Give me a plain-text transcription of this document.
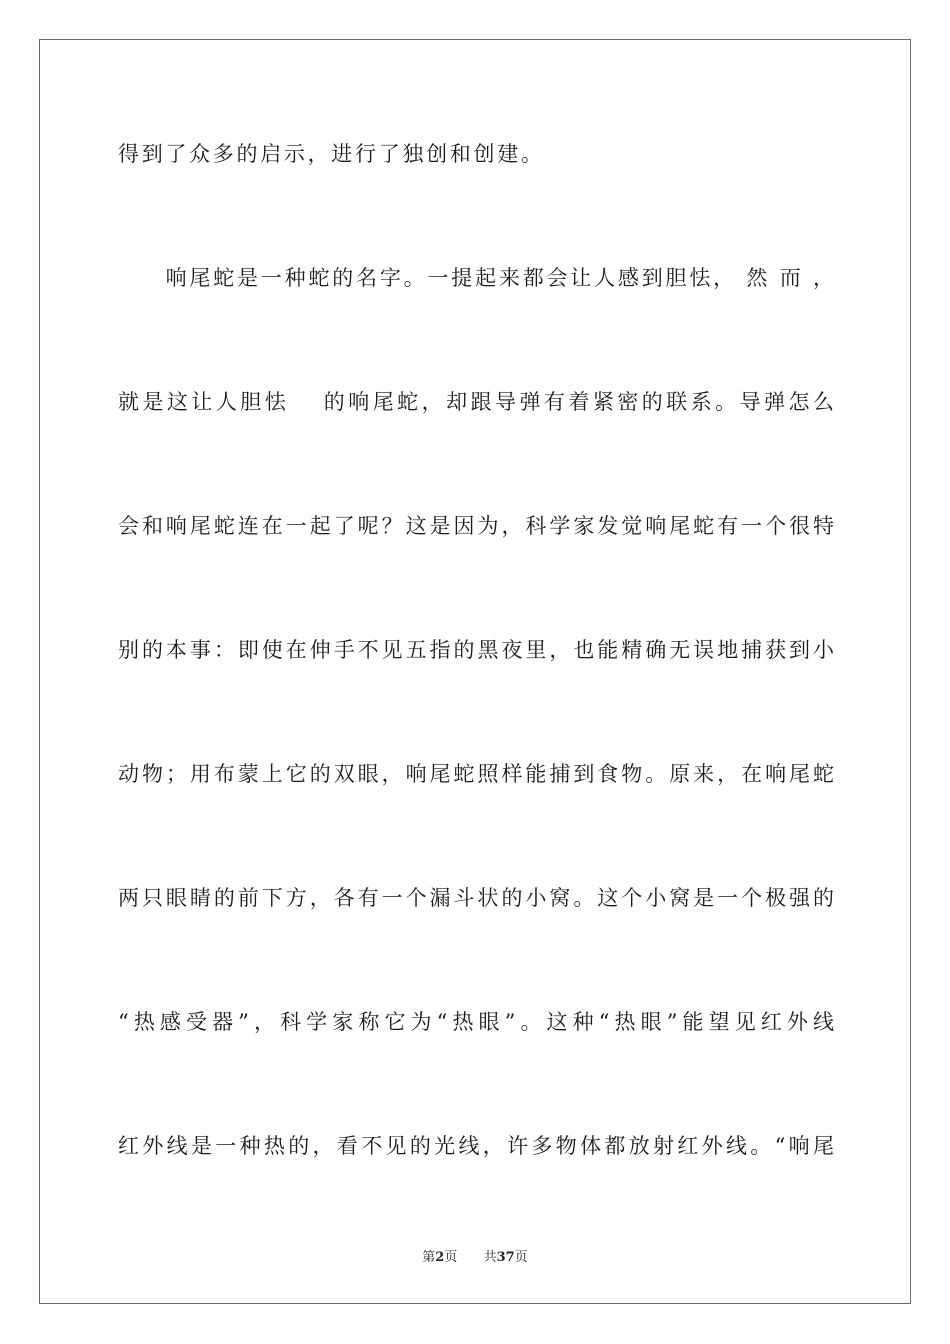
得到了众多的启示，进行了独创和创建。
　　响尾蛇是一种蛇的名字。一提起来都会让人感到胆怯， 然 而 ，
就是这让人胆怯　 的响尾蛇，却跟导弹有着紧密的联系。导弹怎么
会和响尾蛇连在一起了呢？这是因为，科学家发觉响尾蛇有一个很特
别的本事：即使在伸手不见五指的黑夜里，也能精确无误地捕获到小
动物；用布蒙上它的双眼，响尾蛇照样能捕到食物。原来，在响尾蛇
两只眼睛的前下方，各有一个漏斗状的小窝。这个小窝是一个极强的
“热感受器”，科学家称它为“热眼”。这种“热眼”能望见红外线
红外线是一种热的，看不见的光线，许多物体都放射红外线。“响尾
第2页 共37页
